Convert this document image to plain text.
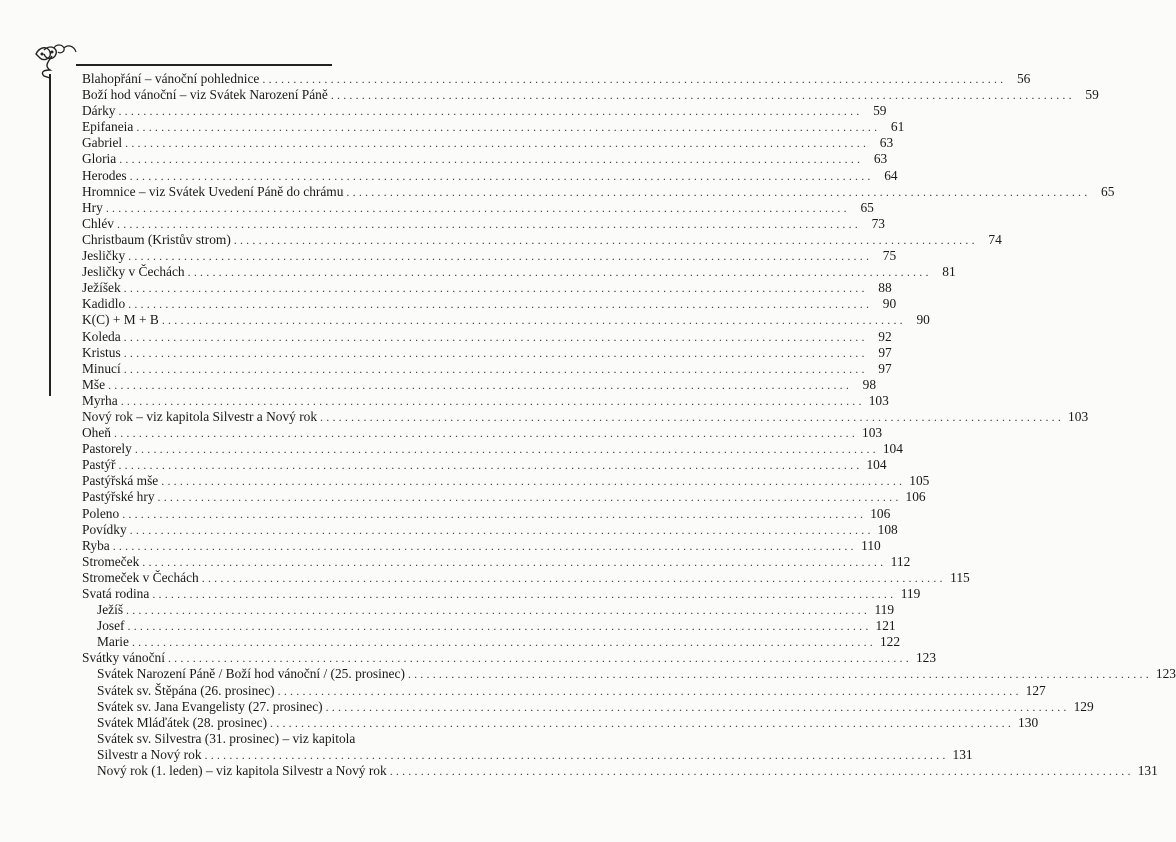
Blahopřání – vánoční pohlednice ........................................................................................................................ 56
Boží hod vánoční – viz Svátek Narození Páně ........................................................................................................................ 59
Dárky ........................................................................................................................ 59
Epifaneia ........................................................................................................................ 61
Gabriel ........................................................................................................................ 63
Gloria ........................................................................................................................ 63
Herodes ........................................................................................................................ 64
Hromnice – viz Svátek Uvedení Páně do chrámu ........................................................................................................................ 65
Hry ........................................................................................................................ 65
Chlév ........................................................................................................................ 73
Christbaum (Kristův strom) ........................................................................................................................ 74
Jesličky ........................................................................................................................ 75
Jesličky v Čechách ........................................................................................................................ 81
Ježíšek ........................................................................................................................ 88
Kadidlo ........................................................................................................................ 90
K(C) + M + B ........................................................................................................................ 90
Koleda ........................................................................................................................ 92
Kristus ........................................................................................................................ 97
Minucí ........................................................................................................................ 97
Mše ........................................................................................................................ 98
Myrha ........................................................................................................................ 103
Nový rok – viz kapitola Silvestr a Nový rok ........................................................................................................................ 103
Oheň ........................................................................................................................ 103
Pastorely ........................................................................................................................ 104
Pastýř ........................................................................................................................ 104
Pastýřská mše ........................................................................................................................ 105
Pastýřské hry ........................................................................................................................ 106
Poleno ........................................................................................................................ 106
Povídky ........................................................................................................................ 108
Ryba ........................................................................................................................ 110
Stromeček ........................................................................................................................ 112
Stromeček v Čechách ........................................................................................................................ 115
Svatá rodina ........................................................................................................................ 119
Ježíš ........................................................................................................................ 119
Josef ........................................................................................................................ 121
Marie ........................................................................................................................ 122
Svátky vánoční ........................................................................................................................ 123
Svátek Narození Páně / Boží hod vánoční / (25. prosinec) ........................................................................................................................ 123
Svátek sv. Štěpána (26. prosinec) ........................................................................................................................ 127
Svátek sv. Jana Evangelisty (27. prosinec) ........................................................................................................................ 129
Svátek Mláďátek (28. prosinec) ........................................................................................................................ 130
Svátek sv. Silvestra (31. prosinec) – viz kapitola
Silvestr a Nový rok ........................................................................................................................ 131
Nový rok (1. leden) – viz kapitola Silvestr a Nový rok ........................................................................................................................ 131
